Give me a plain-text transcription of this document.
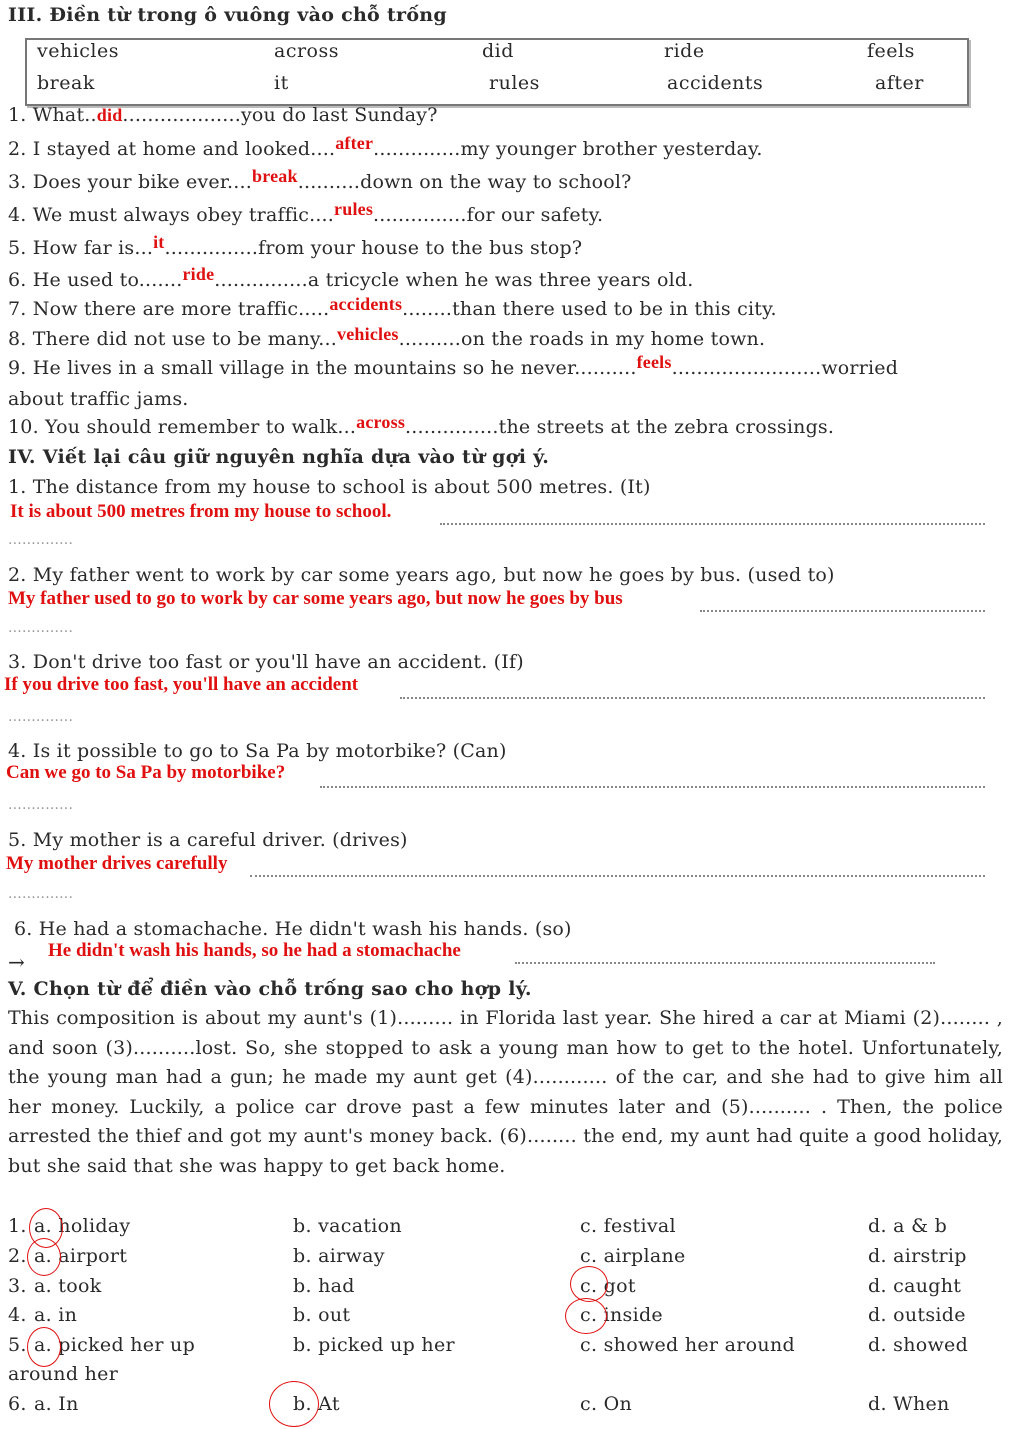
III. Điền từ trong ô vuông vào chỗ trống
vehicles	across	did	ride	feels
break	it	rules	accidents	after
1. What..did...................you do last Sunday?
2. I stayed at home and looked....after..............my younger brother yesterday.
3. Does your bike ever....break..........down on the way to school?
4. We must always obey traffic....rules...............for our safety.
5. How far is...it...............from your house to the bus stop?
6. He used to.......ride...............a tricycle when he was three years old.
7. Now there are more traffic.....accidents........than there used to be in this city.
8. There did not use to be many...vehicles..........on the roads in my home town.
9. He lives in a small village in the mountains so he never..........feels........................worried
about traffic jams.
10. You should remember to walk...across...............the streets at the zebra crossings.
IV. Viết lại câu giữ nguyên nghĩa dựa vào từ gợi ý.
1. The distance from my house to school is about 500 metres. (It)
It is about 500 metres from my house to school.
..............
2. My father went to work by car some years ago, but now he goes by bus. (used to)
My father used to go to work by car some years ago, but now he goes by bus
..............
3. Don't drive too fast or you'll have an accident. (If)
If you drive too fast, you'll have an accident
..............
4. Is it possible to go to Sa Pa by motorbike? (Can)
Can we go to Sa Pa by motorbike?
..............
5. My mother is a careful driver. (drives)
My mother drives carefully
..............
6. He had a stomachache. He didn't wash his hands. (so)
→ He didn't wash his hands, so he had a stomachache
V. Chọn từ để điền vào chỗ trống sao cho hợp lý.
This composition is about my aunt's (1)......... in Florida last year. She hired a car at Miami (2)........ , and soon (3)..........lost. So, she stopped to ask a young man how to get to the hotel. Unfortunately, the young man had a gun; he made my aunt get (4)............ of the car, and she had to give him all her money. Luckily, a police car drove past a few minutes later and (5).......... . Then, the police arrested the thief and got my aunt's money back. (6)........ the end, my aunt had quite a good holiday, but she said that she was happy to get back home.
1. a. holiday	b. vacation	c. festival	d. a & b
2. a. airport	b. airway	c. airplane	d. airstrip
3. a. took	b. had	c. got	d. caught
4. a. in	b. out	c. inside	d. outside
5. a. picked her up	b. picked up her	c. showed her around	d. showed
around her
6. a. In	b. At	c. On	d. When
